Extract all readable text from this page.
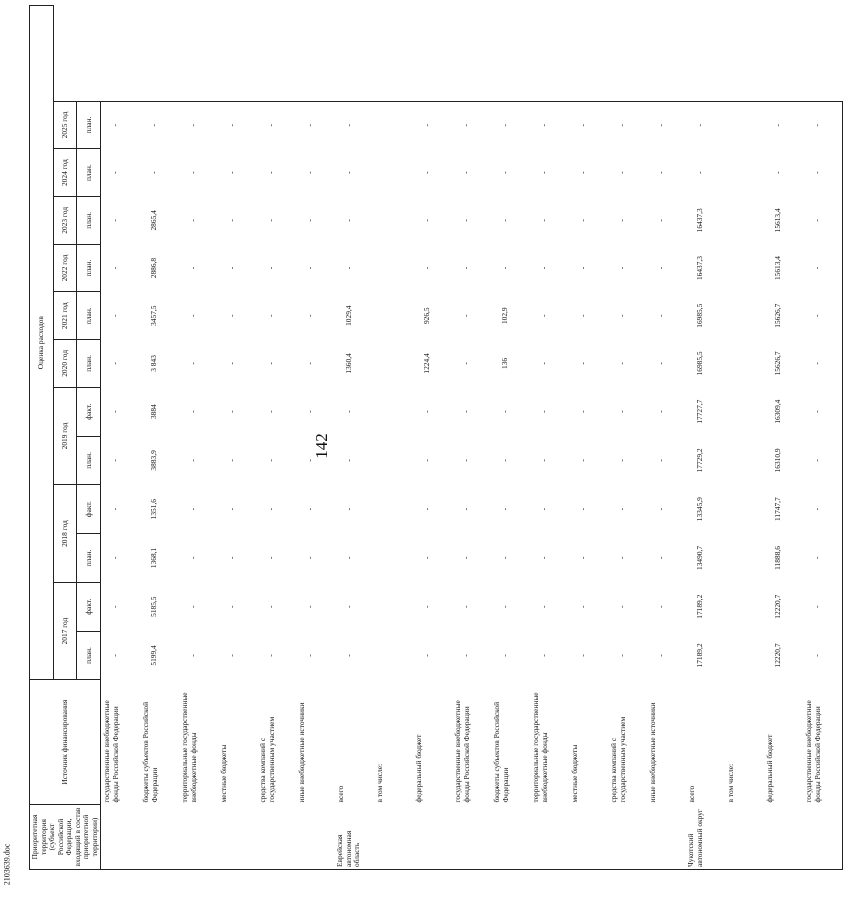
142
2103639.doc
Приоритетная территория (субъект Российской Федерации, входящий в состав приоритетной территории)	Источник финансирования	Оценка расходов											
		2017 год		2018 год		2019 год		2020 год	2021 год	2022 год	2023 год	2024 год	2025 год
		план.	факт.	план.	факт.	план.	факт.	план.	план.	план.	план.	план.	план.
	государственные внебюджетные фонды Российской Федерации	-	-	-	-	-	-	-	-	-	-	-	-
	бюджеты субъектов Российской Федерации	5199,4	5185,5	1368,1	1351,6	3883,9	3884	3 843	3457,5	2886,8	2865,4	-	-
	территориальные государственные внебюджетные фонды	-	-	-	-	-	-	-	-	-	-	-	-
	местные бюджеты	-	-	-	-	-	-	-	-	-	-	-	-
	средства компаний с государственным участием	-	-	-	-	-	-	-	-	-	-	-	-
	иные внебюджетные источники	-	-	-	-	-	-	-	-	-	-	-	-
Еврейская автономная область	всего	-	-	-	-	-	-	1360,4	1029,4	-	-	-	-
	в том числе:												
	федеральный бюджет	-	-	-	-	-	-	1224,4	926,5	-	-	-	-
	государственные внебюджетные фонды Российской Федерации	-	-	-	-	-	-	-	-	-	-	-	-
	бюджеты субъектов Российской Федерации	-	-	-	-	-	-	136	102,9	-	-	-	-
	территориальные государственные внебюджетные фонды	-	-	-	-	-	-	-	-	-	-	-	-
	местные бюджеты	-	-	-	-	-	-	-	-	-	-	-	-
	средства компаний с государственным участием	-	-	-	-	-	-	-	-	-	-	-	-
	иные внебюджетные источники	-	-	-	-	-	-	-	-	-	-	-	-
Чукотский автономный округ	всего	17189,2	17189,2	13490,7	13345,9	17729,2	17727,7	16985,5	16985,5	16437,3	16437,3	-	-
	в том числе:												
	федеральный бюджет	12220,7	12220,7	11888,6	11747,7	16310,9	16309,4	15626,7	15626,7	15613,4	15613,4	-	-
	государственные внебюджетные фонды Российской Федерации	-	-	-	-	-	-	-	-	-	-	-	-
